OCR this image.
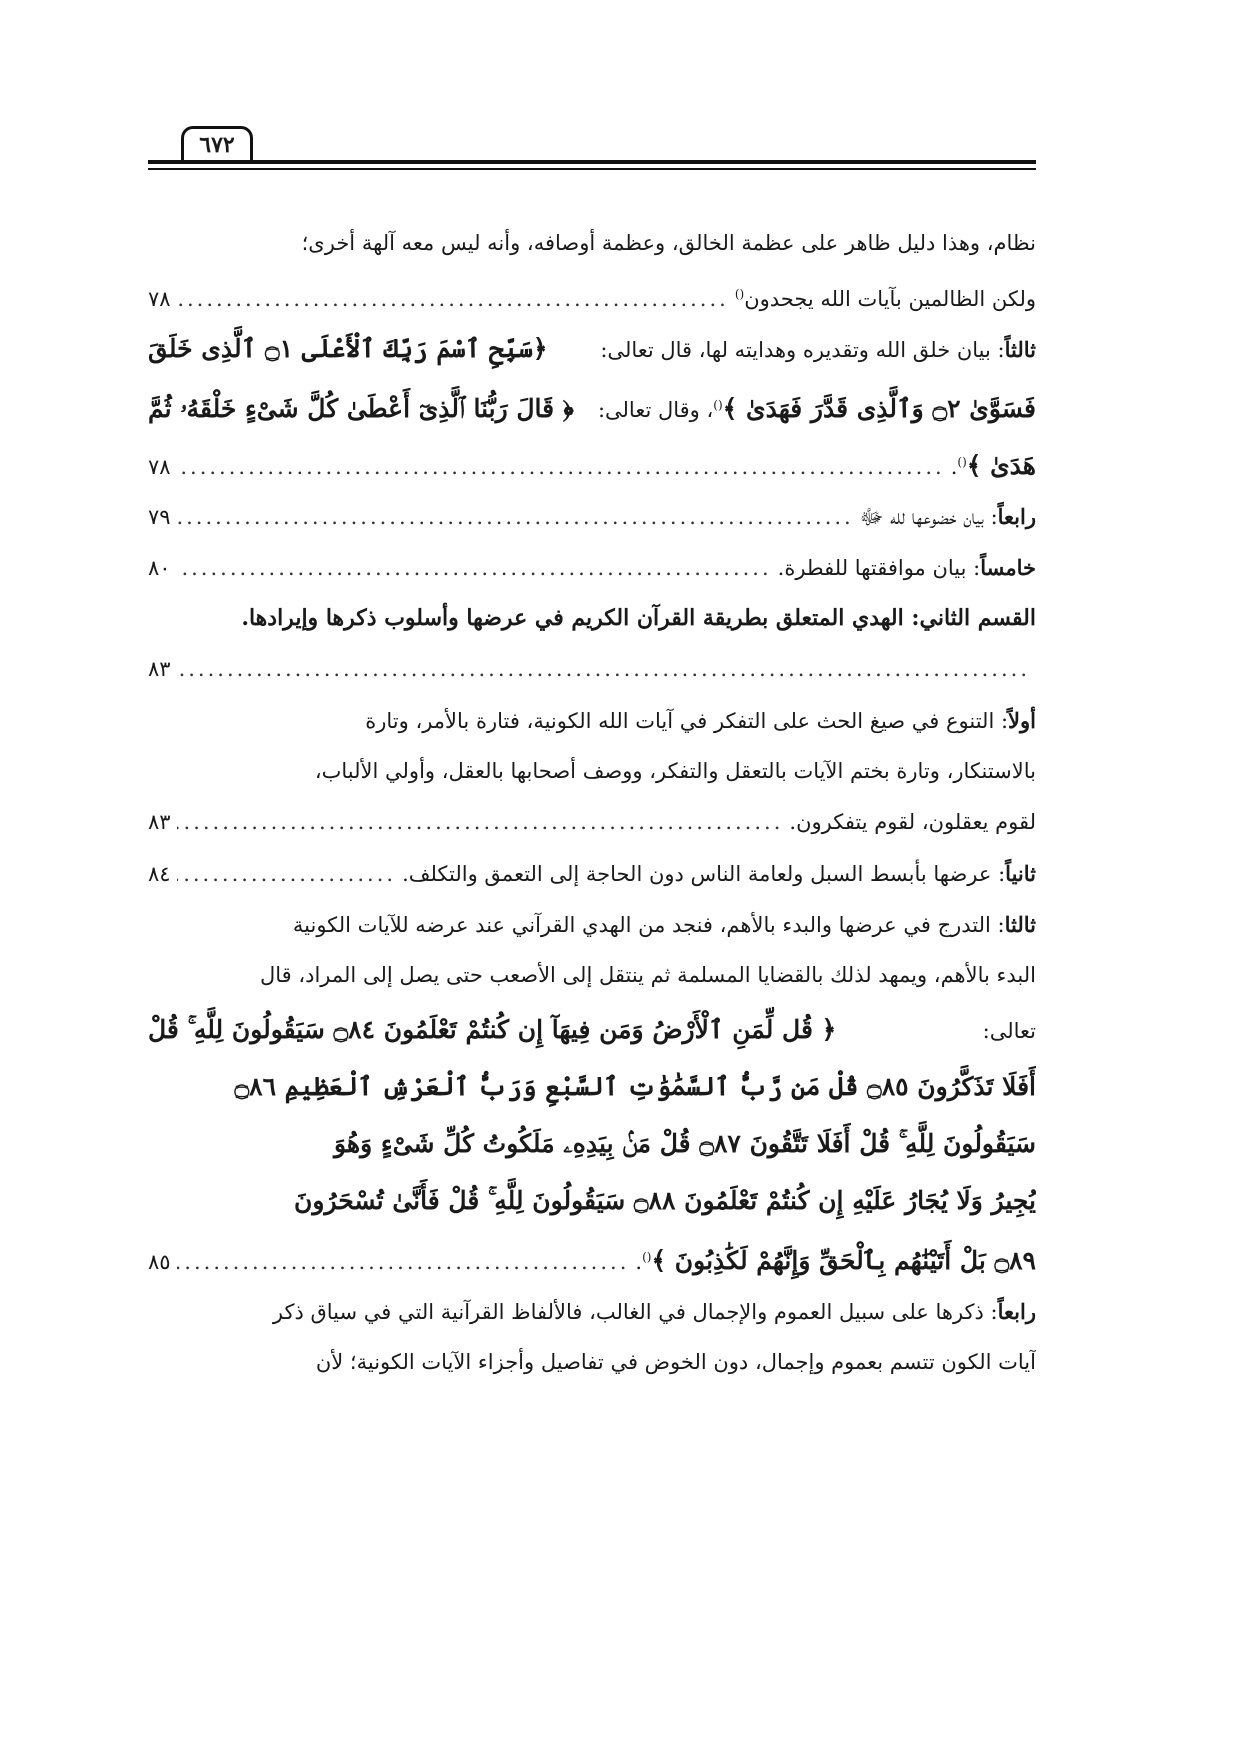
٦٧٢
نظام، وهذا دليل ظاهر على عظمة الخالق، وعظمة أوصافه، وأنه ليس معه آلهة أخرى؛
ولكن الظالمين بآيات الله يجحدون()
.....
٧٨
ثالثاً: بيان خلق الله وتقديره وهدايته لها، قال تعالى:
﴿سَبِّحِ ٱسْمَ رَبِّكَ ٱلْأَعْلَى ۝١ ٱلَّذِى خَلَقَ
فَسَوَّىٰ ۝٢ وَٱلَّذِى قَدَّرَ فَهَدَىٰ ﴾()، وقال تعالى:
﴿ قَالَ رَبُّنَا ٱلَّذِىٓ أَعْطَىٰ كُلَّ شَىْءٍ خَلْقَهُۥ ثُمَّ
هَدَىٰ ﴾().
.....
٧٨
رابعاً: بيان خضوعها لله ﷻ
.....
٧٩
خامساً: بيان موافقتها للفطرة.
.....
٨٠
القسم الثاني: الهدي المتعلق بطريقة القرآن الكريم في عرضها وأسلوب ذكرها وإيرادها.
.....
٨٣
أولاً: التنوع في صيغ الحث على التفكر في آيات الله الكونية، فتارة بالأمر، وتارة
بالاستنكار، وتارة بختم الآيات بالتعقل والتفكر، ووصف أصحابها بالعقل، وأولي الألباب،
لقوم يعقلون، لقوم يتفكرون.
.....
٨٣
ثانياً: عرضها بأبسط السبل ولعامة الناس دون الحاجة إلى التعمق والتكلف.
.....
٨٤
ثالثا: التدرج في عرضها والبدء بالأهم، فنجد من الهدي القرآني عند عرضه للآيات الكونية
البدء بالأهم، ويمهد لذلك بالقضايا المسلمة ثم ينتقل إلى الأصعب حتى يصل إلى المراد، قال
تعالى:
﴿ قُل لِّمَنِ ٱلْأَرْضُ وَمَن فِيهَآ إِن كُنتُمْ تَعْلَمُونَ ۝٨٤ سَيَقُولُونَ لِلَّهِ ۚ قُلْ
أَفَلَا تَذَكَّرُونَ ۝٨٥ قُلْ مَن رَّبُّ ٱلسَّمَٰوَٰتِ ٱلسَّبْعِ وَرَبُّ ٱلْعَرْشِ ٱلْعَظِيمِ ۝٨٦
سَيَقُولُونَ لِلَّهِ ۚ قُلْ أَفَلَا تَتَّقُونَ ۝٨٧ قُلْ مَنۢ بِيَدِهِۦ مَلَكُوتُ كُلِّ شَىْءٍ وَهُوَ
يُجِيرُ وَلَا يُجَارُ عَلَيْهِ إِن كُنتُمْ تَعْلَمُونَ ۝٨٨ سَيَقُولُونَ لِلَّهِ ۚ قُلْ فَأَنَّىٰ تُسْحَرُونَ
۝٨٩ بَلْ أَتَيْنَٰهُم بِٱلْحَقِّ وَإِنَّهُمْ لَكَٰذِبُونَ ﴾().
.....
٨٥
رابعاً: ذكرها على سبيل العموم والإجمال في الغالب، فالألفاظ القرآنية التي في سياق ذكر
آيات الكون تتسم بعموم وإجمال، دون الخوض في تفاصيل وأجزاء الآيات الكونية؛ لأن
